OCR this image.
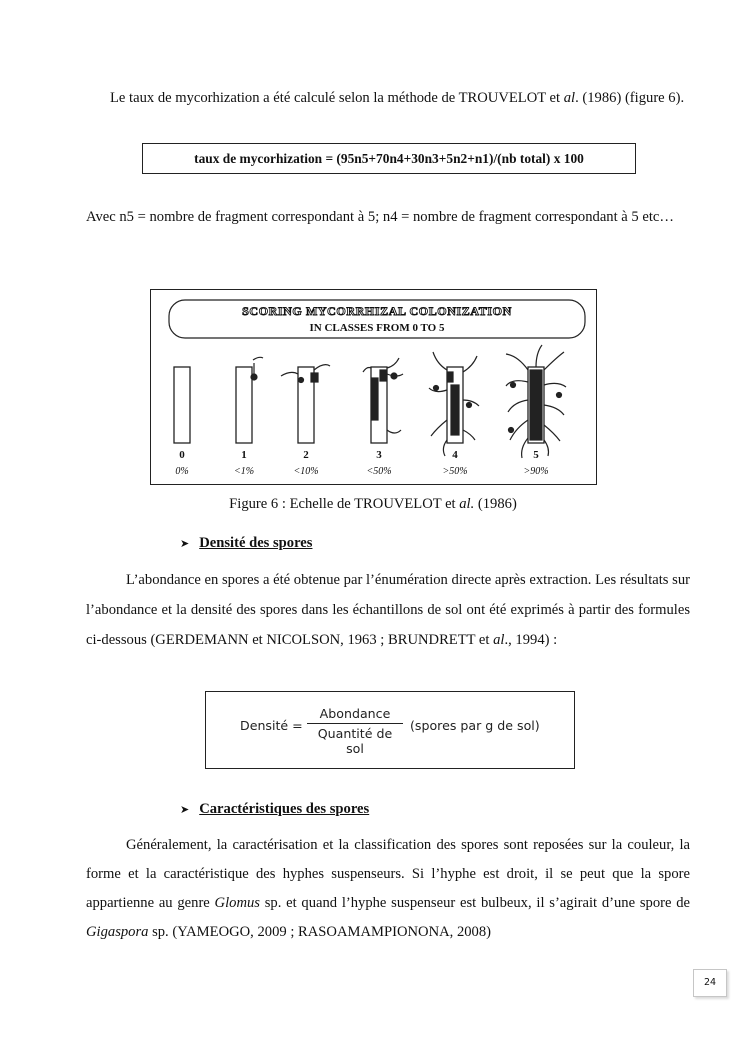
Le taux de mycorhization a été calculé selon la méthode de TROUVELOT et al. (1986) (figure 6).

taux de mycorhization = (95n5+70n4+30n3+5n2+n1)/(nb total) x 100

Avec n5 = nombre de fragment correspondant à 5; n4 = nombre de fragment correspondant à 5 etc…

SCORING MYCORRHIZAL COLONIZATION
IN CLASSES FROM 0 TO 5
0	1	2	3	4	5
0%	<1%	<10%	<50%	>50%	>90%

Figure 6 : Echelle de TROUVELOT et al. (1986)

➤ Densité des spores

L’abondance en spores a été obtenue par l’énumération directe après extraction. Les résultats sur l’abondance et la densité des spores dans les échantillons de sol ont été exprimés à partir des formules ci-dessous (GERDEMANN et NICOLSON, 1963 ; BRUNDRETT et al., 1994) :

Densité =
Abondance
Quantité de sol
(spores par g de sol)
➤ Caractéristiques des spores

Généralement, la caractérisation et la classification des spores sont reposées sur la couleur, la forme et la caractéristique des hyphes suspenseurs. Si l’hyphe est droit, il se peut que la spore appartienne au genre Glomus sp. et quand l’hyphe suspenseur est bulbeux, il s’agirait d’une spore de Gigaspora sp. (YAMEOGO, 2009 ; RASOAMAMPIONONA, 2008)

24
